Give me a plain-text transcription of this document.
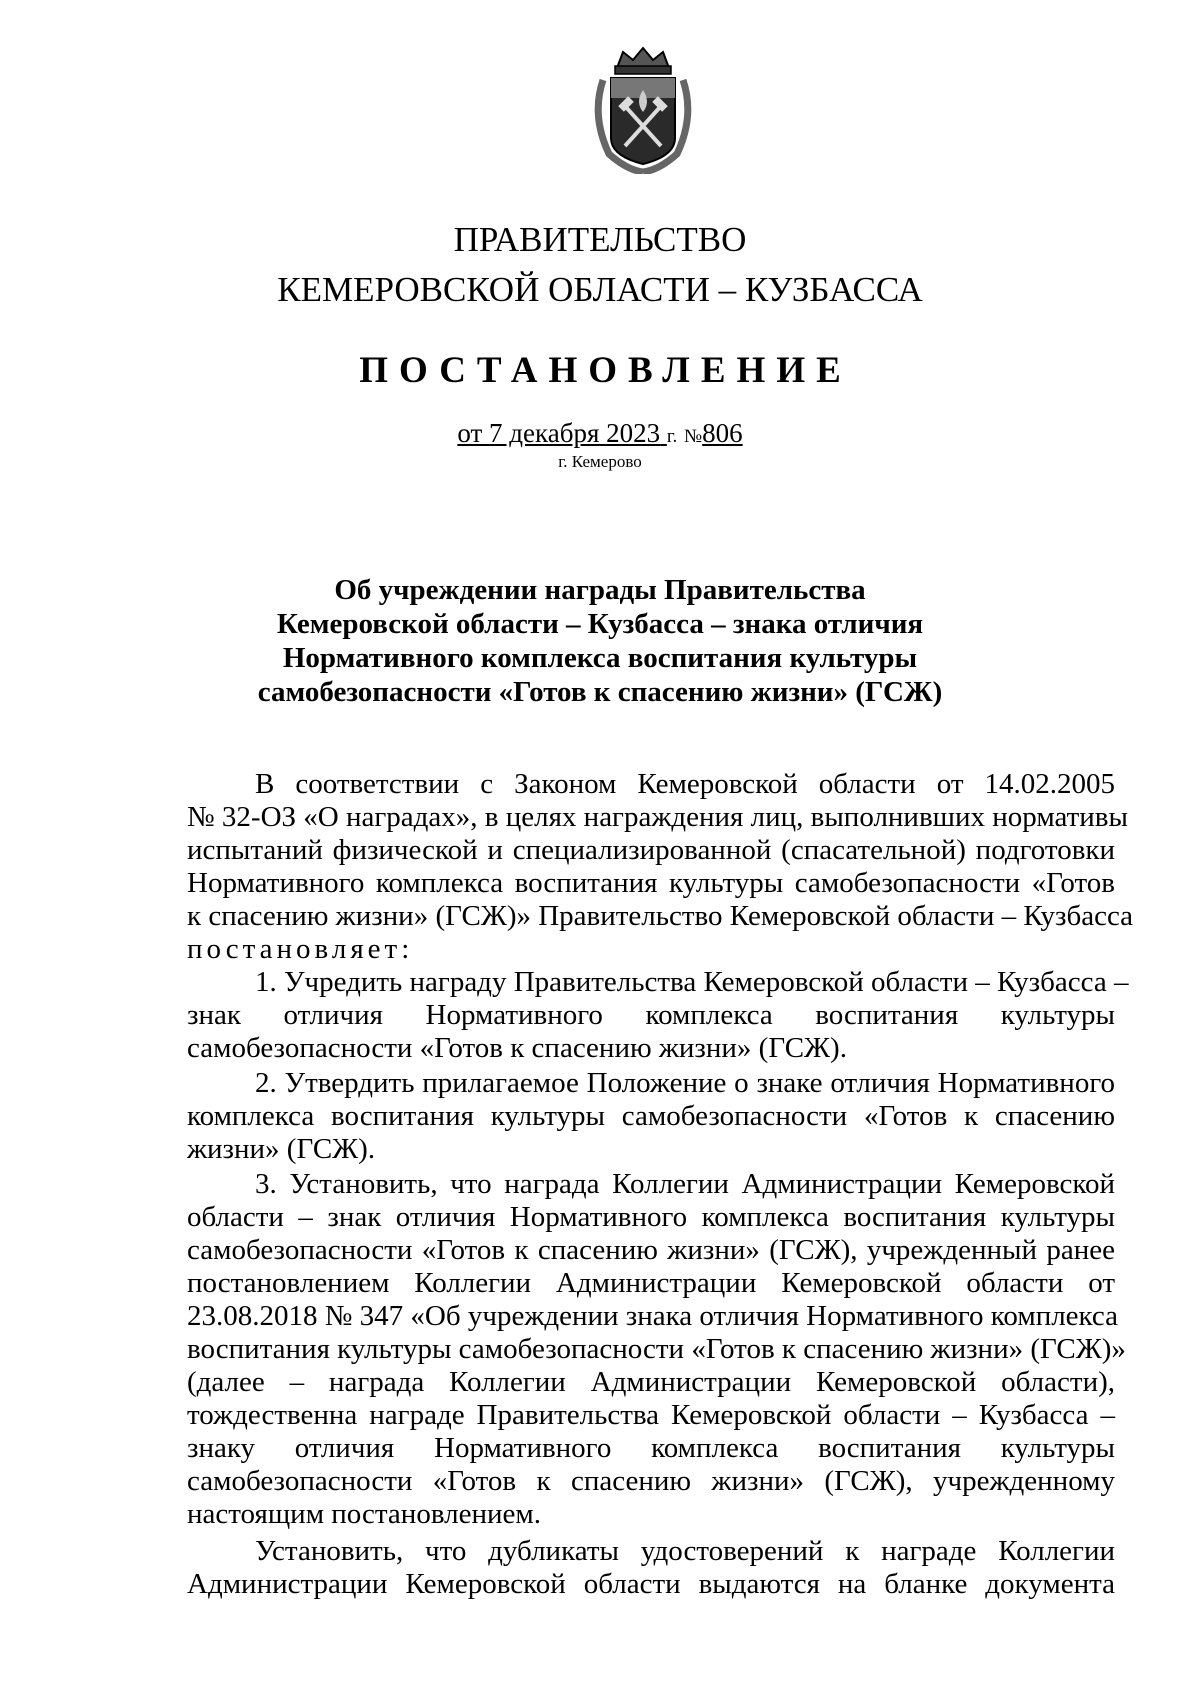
ПРАВИТЕЛЬСТВО
КЕМЕРОВСКОЙ ОБЛАСТИ – КУЗБАССА
ПОСТАНОВЛЕНИЕ
от 7 декабря 2023 г. №806
г. Кемерово
Об учреждении награды Правительства
Кемеровской области – Кузбасса – знака отличия
Нормативного комплекса воспитания культуры
самобезопасности «Готов к спасению жизни» (ГСЖ)
В соответствии с Законом Кемеровской области от 14.02.2005
№ 32-ОЗ «О наградах», в целях награждения лиц, выполнивших нормативы
испытаний физической и специализированной (спасательной) подготовки
Нормативного комплекса воспитания культуры самобезопасности «Готов
к спасению жизни» (ГСЖ)» Правительство Кемеровской области – Кузбасса
постановляет:
1. Учредить награду Правительства Кемеровской области – Кузбасса –
знак отличия Нормативного комплекса воспитания культуры
самобезопасности «Готов к спасению жизни» (ГСЖ).
2. Утвердить прилагаемое Положение о знаке отличия Нормативного
комплекса воспитания культуры самобезопасности «Готов к спасению
жизни» (ГСЖ).
3. Установить, что награда Коллегии Администрации Кемеровской
области – знак отличия Нормативного комплекса воспитания культуры
самобезопасности «Готов к спасению жизни» (ГСЖ), учрежденный ранее
постановлением Коллегии Администрации Кемеровской области от
23.08.2018 № 347 «Об учреждении знака отличия Нормативного комплекса
воспитания культуры самобезопасности «Готов к спасению жизни» (ГСЖ)»
(далее – награда Коллегии Администрации Кемеровской области),
тождественна награде Правительства Кемеровской области – Кузбасса –
знаку отличия Нормативного комплекса воспитания культуры
самобезопасности «Готов к спасению жизни» (ГСЖ), учрежденному
настоящим постановлением.
Установить, что дубликаты удостоверений к награде Коллегии
Администрации Кемеровской области выдаются на бланке документа
